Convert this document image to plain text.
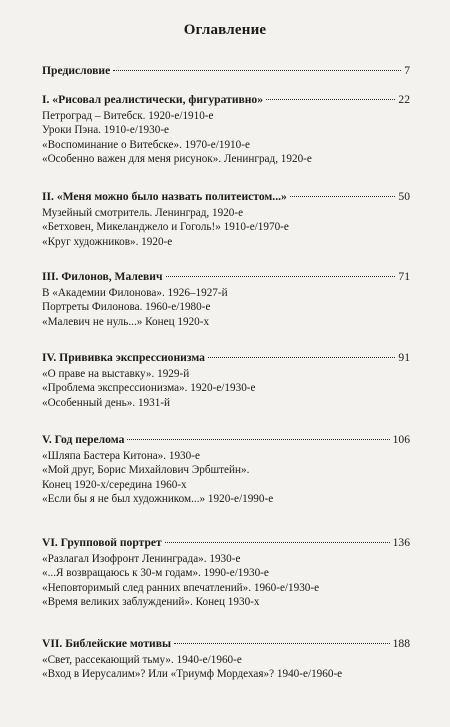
Оглавление
Предисловие	7
I. «Рисовал реалистически, фигуративно»	22
Петроград – Витебск. 1920-е/1910-е
Уроки Пэна. 1910-е/1930-е
«Воспоминание о Витебске». 1970-е/1910-е
«Особенно важен для меня рисунок». Ленинград, 1920-е
II. «Меня можно было назвать политеистом...»	50
Музейный смотритель. Ленинград, 1920-е
«Бетховен, Микеланджело и Гоголь!» 1910-е/1970-е
«Круг художников». 1920-е
III. Филонов, Малевич	71
В «Академии Филонова». 1926–1927-й
Портреты Филонова. 1960-е/1980-е
«Малевич не нуль...» Конец 1920-х
IV. Прививка экспрессионизма	91
«О праве на выставку». 1929-й
«Проблема экспрессионизма». 1920-е/1930-е
«Особенный день». 1931-й
V. Год перелома	106
«Шляпа Бастера Китона». 1930-е
«Мой друг, Борис Михайлович Эрбштейн».
Конец 1920-х/середина 1960-х
«Если бы я не был художником...» 1920-е/1990-е
VI. Групповой портрет	136
«Разлагал Изофронт Ленинграда». 1930-е
«...Я возвращаюсь к 30-м годам». 1990-е/1930-е
«Неповторимый след ранних впечатлений». 1960-е/1930-е
«Время великих заблуждений». Конец 1930-х
VII. Библейские мотивы	188
«Свет, рассекающий тьму». 1940-е/1960-е
«Вход в Иерусалим»? Или «Триумф Мордехая»? 1940-е/1960-е
